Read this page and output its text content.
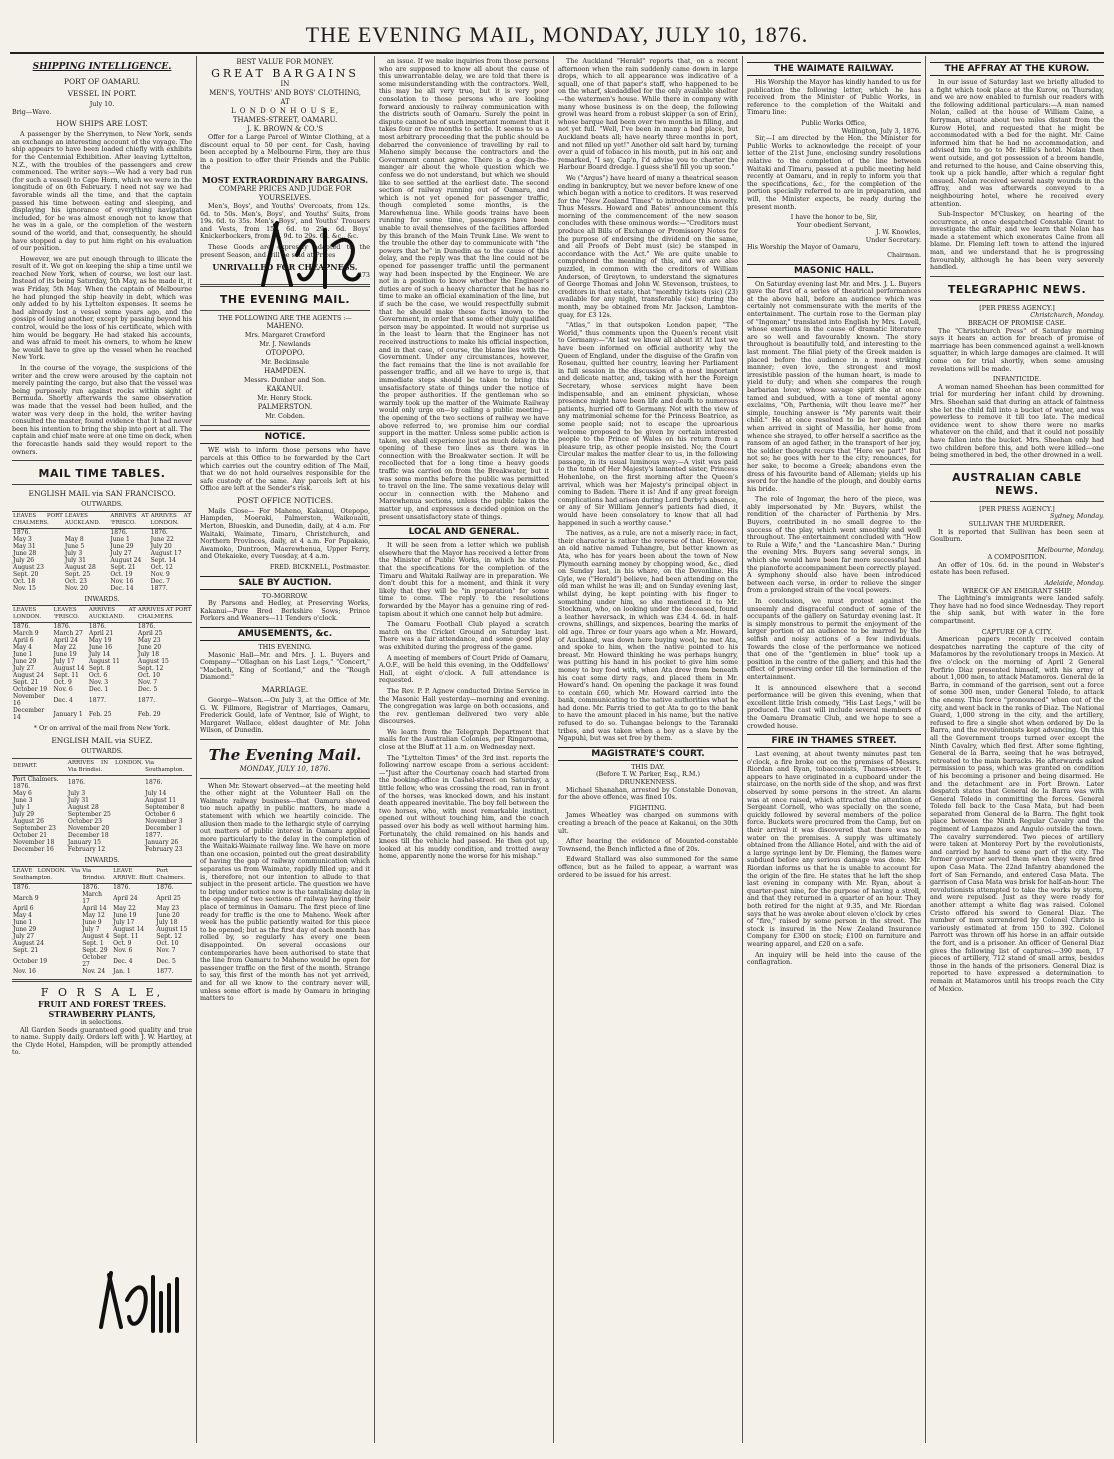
THE EVENING MAIL, MONDAY, JULY 10, 1876.
SHIPPING INTELLIGENCE.
PORT OF OAMARU.
VESSEL IN PORT.
July 10.
Brig—Wave.
HOW SHIPS ARE LOST.

A passenger by the Sherrymen, to New York, sends an exchange an interesting account of the voyage. The ship appears to have been loaded chiefly with exhibits for the Centennial Exhibition. After leaving Lyttelton, N.Z., with the troubles of the passengers and crew commenced. The writer says:—We had a very bad run (for such a vessel) to Cape Horn, which we were in the longitude of on 6th February. I need not say we had favorable winds all the time, and that the captain passed his time between eating and sleeping, and displaying his ignorance of everything navigation included, for he was almost enough not to know that he was in a gale, or the completion of the western sound of the world, and that, consequently, he should have stopped a day to put him right on his evaluation of our position.

However, we are put enough through to illicate the result of it. We got on keeping the ship a time until we reached New York, when of course, we lost our last. Instead of its being Saturday, 5th May, as he made it, it was Friday, 5th May. When the captain of Melbourne he had plunged the ship heavily in debt, which was only added to by his Lyttelton expenses. It seems he had already lost a vessel some years ago, and the gossips of losing another, except by passing beyond his control, would be the loss of his certificate, which with him would be beggary. He had staked his accounts, and was afraid to meet his owners, to whom he knew he would have to give up the vessel when he reached New York.

In the course of the voyage, the suspicions of the writer and the crew were aroused by the captain not merely painting the cargo, but also that the vessel was being purposely run against rocks within sight of Bermuda. Shortly afterwards the same observation was made that the vessel had been hulled, and the water was very deep in the hold, the writer having consulted the master, found evidence that it had never been his intention to bring the ship into port at all. The captain and chief mate were at one time on deck, when the forecastle hands said they would report to the owners.

MAIL TIME TABLES.
ENGLISH MAIL via SAN FRANCISCO.
OUTWARDS.
LEAVES PORT CHALMERS.	LEAVES AUCKLAND.	ARRIVES AT 'FRISCO.	ARRIVES AT LONDON.
1876.		1876.	1876.
May 3	May 8	June 1	June 22
May 31	June 5	June 29	July 20
June 28	July 3	July 27	August 17
July 26	July 31	August 24	Sept. 14
August 23	August 28	Sept. 21	Oct. 12
Sept. 20	Sept. 25	Oct. 19	Nov. 9
Oct. 18	Oct. 23	Nov. 16	Dec. 7
Nov. 15	Nov. 20	Dec. 14	1877.
INWARDS.
LEAVES LONDON.	LEAVES 'FRISCO.	ARRIVES AT AUCKLAND.	ARRIVES AT PORT CHALMERS.
1876.	1876.	1876.	1876.
March 9	March 27	April 21	April 25
April 6	April 24	May 19	May 23
May 4	May 22	June 16	June 20
June 1	June 19	July 14	July 18
June 29	July 17	August 11	August 15
July 27	August 14	Sept. 8	Sept. 12
August 24	Sept. 11	Oct. 6	Oct. 10
Sept. 21	Oct. 9	Nov. 3	Nov. 7
October 19	Nov. 6	Dec. 1	Dec. 5
November 16	Dec. 4	1877.	1877.
December 14	January 1	Feb. 25	Feb. 29
* Or on arrival of the mail from New York.
ENGLISH MAIL via SUEZ.
OUTWARDS.
DEPART.	ARRIVES IN LONDON. Via Brindisi.	Via Southampton.
Port Chalmers. 1876.	1876.	1876.
May 6	July 3	July 14
June 3	July 31	August 11
July 1	August 28	September 8
July 29	September 25	October 6
August 26	October 23	November 3
September 23	November 20	December 1
October 21	December 18	1877.
November 18	January 15	January 26
December 16	February 12	February 23
INWARDS.
LEAVE LONDON. Via Southampton.	Via Brindisi.	LEAVE ARRIVE. Bluff.	Port Chalmers.
1876.	1876.	1876.	1876.
March 9	March 17	April 24	April 25
April 6	April 14	May 22	May 23
May 4	May 12	June 19	June 20
June 1	June 9	July 17	July 18
June 29	July 7	August 14	August 15
July 27	August 4	Sept. 11	Sept. 12
August 24	Sept. 1	Oct. 9	Oct. 10
Sept. 21	Sept. 29	Nov. 6	Nov. 7
October 19	October 27	Dec. 4	Dec. 5
Nov. 16	Nov. 24	Jan. 1	1877.
F O R S A L E,
FRUIT AND FOREST TREES.
STRAWBERRY PLANTS,
in selections.

All Garden Seeds guaranteed good quality and true to name. Supply daily. Orders left with J. W. Hartley, at the Clyde Hotel, Hampden, will be promptly attended to.

BEST VALUE FOR MONEY.
GREAT BARGAINS
IN
MEN'S, YOUTHS' AND BOYS' CLOTHING,
AT
L O N D O N H O U S E,
THAMES-STREET, OAMARU.
J. K. BROWN & CO.'S

Offer for a Large Parcel of Winter Clothing, at a discount equal to 50 per cent. for Cash, having been accepted by a Melbourne Firm, they are thus in a position to offer their Friends and the Public the

MOST EXTRAORDINARY BARGAINS.
COMPARE PRICES AND JUDGE FOR YOURSELVES.

Men's, Boys', and Youths' Overcoats, from 12s. 6d. to 50s. Men's, Boys', and Youths' Suits, from 19s. 6d. to 35s. Men's, Boys', and Youths' Trousers and Vests, from 15s. 6d. to 29s. 6d. Boys' Knickerbockers, from 9s. 9d. to 29s. 6d. &c., &c.

These Goods are expressly adapted to the present Season, and will be sold at Prices

UNRIVALLED FOR CHEAPNESS.
273
THE EVENING MAIL.
THE FOLLOWING ARE THE AGENTS :—
MAHENO.
Mrs. Margaret Crawford
Mr. J. Newlands
OTOPOPO.
Mr. Beckinsale
HAMPDEN.
Messrs. Dunbar and Son.
KAKANUI.
Mr. Henry Stock.
PALMERSTON.
Mr. Cobden.
NOTICE.

WE wish to inform those persons who have parcels at this Office to be forwarded by the Cart which carries out the country edition of The Mail, that we do not hold ourselves responsible for the safe custody of the same. Any parcels left at his Office are left at the Sender's risk.

POST OFFICE NOTICES.

Mails Close— For Maheno, Kakanui, Otepopo, Hampden, Moeraki, Palmerston, Waikouaiti, Merton, Blueskin, and Dunedin, daily, at 4 a.m. For Waitaki, Waimate, Timaru, Christchurch, and Northern Provinces, daily, at 4 a.m. For Papakaio, Awamoko, Duntroon, Maerewhenua, Upper Ferry, and Otekaieke, every Tuesday, at 4 a.m.

FRED. BICKNELL, Postmaster.
SALE BY AUCTION.
TO-MORROW.

By Parsons and Hedley, at Preserving Works, Kakanui—Pure Bred Berkshire Sows; Prince Porkers and Weaners—11 Tenders o'clock.

AMUSEMENTS, &c.
THIS EVENING.

Masonic Hall—Mr. and Mrs. J. L. Buyers and Company—"Ollaghan on his Last Legs," "Concert," "Macbeth, King of Scotland," and the "Rough Diamond."

MARRIAGE.

George—Watson.—On July 3, at the Office of Mr. G. W. Fillmore, Registrar of Marriages, Oamaru, Frederick Gould, late of Ventnor, Isle of Wight, to Margaret Wallace, eldest daughter of Mr. John Wilson, of Dunedin.

The Evening Mail.
MONDAY, JULY 10, 1876.

When Mr. Stewart observed—at the meeting held the other night at the Volunteer Hall on the Waimate railway business—that Oamaru showed too much apathy in public matters, he made a statement with which we heartily coincide. The allusion then made to the lethargic style of carrying out matters of public interest in Oamaru applied more particularly to the delay in the completion of the Waitaki-Waimate railway line. We have on more than one occasion, pointed out the great desirability of having the gap of railway communication which separates us from Waimate, rapidly filled up; and it is, therefore, not our intention to allude to that subject in the present article. The question we have to bring under notice now is the tantalising delay in the opening of two sections of railway having their place of terminus in Oamaru. The first piece of line ready for traffic is the one to Maheno. Week after week has the public patiently waited for this piece to be opened; but as the first day of each month has rolled by, so regularly has every one been disappointed. On several occasions our contemporaries have been authorised to state that the line from Oamaru to Maheno would be open for passenger traffic on the first of the month. Strange to say, this first of the month has not yet arrived, and for all we know to the contrary never will, unless some effort is made by Oamaru in bringing matters to

an issue. If we make inquiries from those persons who are supposed to know all about the cause of this unwarrantable delay, we are told that there is some misunderstanding with the contractors. Well, this may be all very true, but it is very poor consolation to those persons who are looking forward anxiously to railway communication with the districts south of Oamaru. Surely the point in dispute cannot be of such important moment that it takes four or five months to settle. It seems to us a most arbitrary proceeding that the public should be debarred the convenience of travelling by rail to Maheno simply because the contractors and the Government cannot agree. There is a dog-in-the-manger air about the whole question which we confess we do not understand, but which we should like to see settled at the earliest date. The second section of railway running out of Oamaru, and which is not yet opened for passenger traffic, though completed some months, is the Marewhenua line. While goods trains have been running for some time, passengers have been unable to avail themselves of the facilities afforded by this branch of the Main Trunk Line. We went to the trouble the other day to communicate with "the powers that be" in Dunedin as to the cause of this delay, and the reply was that the line could not be opened for passenger traffic until the permanent way had been inspected by the Engineer. We are not in a position to know whether the Engineer's duties are of such a heavy character that he has no time to make an official examination of the line, but if such be the case, we would respectfully submit that he should make these facts known to the Government, in order that some other duly qualified person may be appointed. It would not surprise us in the least to learn that the Engineer has not received instructions to make his official inspection, and in that case, of course, the blame lies with the Government. Under any circumstances, however, the fact remains that the line is not available for passenger traffic, and all we have to urge is, that immediate steps should be taken to bring this unsatisfactory state of things under the notice of the proper authorities. If the gentleman who so warmly took up the matter of the Waimate Railway would only urge on—by calling a public meeting—the opening of the two sections of railway we have above referred to, we promise him our cordial support in the matter. Unless some public action is taken, we shall experience just as much delay in the opening of these two lines as there was in connection with the Breakwater section. It will be recollected that for a long time a heavy goods traffic was carried on from the Breakwater, but it was some months before the public was permitted to travel on the line. The same vexatious delay will occur in connection with the Maheno and Marewhenua sections, unless the public takes the matter up, and expresses a decided opinion on the present unsatisfactory state of things.

LOCAL AND GENERAL.

It will be seen from a letter which we publish elsewhere that the Mayor has received a letter from the Minister of Public Works, in which he states that the specifications for the completion of the Timaru and Waitaki Railway are in preparation. We don't doubt this for a moment, and think it very likely that they will be "in preparation" for some time to come. The reply to the resolutions forwarded by the Mayor has a genuine ring of red-tapism about it which one cannot help but admire.

The Oamaru Football Club played a scratch match on the Cricket Ground on Saturday last. There was a fair attendance, and some good play was exhibited during the progress of the game.

A meeting of members of Court Pride of Oamaru, A.O.F., will be held this evening, in the Oddfellows' Hall, at eight o'clock. A full attendance is requested.

The Rev. P. P. Agnew conducted Divine Service in the Masonic Hall yesterday—morning and evening. The congregation was large on both occasions, and the rev. gentleman delivered two very able discourses.

We learn from the Telegraph Department that mails for the Australian Colonies, per Ringarooma, close at the Bluff at 11 a.m. on Wednesday next.

The "Lyttelton Times" of the 3rd inst. reports the following narrow escape from a serious accident:—"Just after the Courtenay coach had started from the booking-office in Cashel-street on Saturday, a little fellow, who was crossing the road, ran in front of the horses, was knocked down, and his instant death appeared inevitable. The boy fell between the two horses, who, with most remarkable instinct, opened out without touching him, and the coach passed over his body as well without harming him. Fortunately, the child remained on his hands and knees till the vehicle had passed. He then got up, looked at his muddy condition, and trotted away home, apparently none the worse for his mishap."

The Auckland "Herald" reports that, on a recent afternoon when the rain suddenly came down in large drops, which to all appearance was indicative of a squall, one of that paper's staff, who happened to be on the wharf, skedaddled for the only available shelter—the watermen's house. While there in company with many whose business is on the deep, the following growl was heard from a robust skipper (a son of Erin), whose barque had been over two months in filling, and not yet full. "Well, I've been in many a bad place, but Auckland beats all; have nearly three months in port, and not filled up yet!" Another old salt hard by, turning over a quid of tobacco in his mouth, put in his oar, and remarked, "I say, Cap'n, I'd advise you to charter the Harbour Board dredge. I guess she'll fill you up soon."

We ("Argus") have heard of many a theatrical season ending in bankruptcy, but we never before knew of one which began with a notice to creditors. It was reserved for the "New Zealand Times" to introduce this novelty. Thus Messrs. Howard and Bates' announcement this morning of the commencement of the new season concludes with these ominous words:—"Creditors must produce all Bills of Exchange or Promissory Notes for the purpose of endorsing the dividend on the same, and all Proofs of Debt must (sic) be stamped in accordance with the Act." We are quite unable to comprehend the meaning of this, and we are also puzzled, in common with the creditors of William Anderson, of Greytown, to understand the signatures of George Thomas and John W. Stevenson, trustees, to creditors in that estate, that "monthly tickets (sic) (23) available for any night, transferable (sic) during the month, may be obtained from Mr. Jackson, Lambton-quay, for £3 12s.

"Atlas," in that outspoken London paper, "The World," thus comments upon the Queen's recent visit to Germany:—"At last we know all about it! At last we have been informed on official authority why the Queen of England, under the disguise of the Grafin von Rosenau, quitted her country, leaving her Parliament in full session in the discussion of a most important and delicate matter, and, taking with her the Foreign Secretary, whose services might have been indispensable, and an eminent physician, whose presence might have been life and death to numerous patients, hurried off to Germany. Not with the view of any matrimonial scheme for the Princess Beatrice, as some people said; not to escape the uproarious welcome proposed to be given by certain interested people to the Prince of Wales on his return from a pleasure trip, as other people insisted. No; the Court Circular makes the matter clear to us, in the following passage, in its usual luminous way:—A visit was paid to the tomb of Her Majesty's lamented sister, Princess Hohenlohe, on the first morning after the Queen's arrival, which was her Majesty's principal object in coming to Baden. There it is! And if any great foreign complications had arisen during Lord Derby's absence, or any of Sir William Jenner's patients had died, it would have been consolatory to know that all had happened in such a worthy cause."

The natives, as a rule, are not a miserly race; in fact, their character is rather the reverse of that. However, an old native named Tuhangre, but better known as Ata, who has for years been about the town of New Plymouth earning money by chopping wood, &c., died on Sunday last, in his whare, on the Devonline. His Gyle, we ("Herald") believe, had been attending on the old man whilst he was ill; and on Sunday evening last, whilst dying, he kept pointing with his finger to something under him, so she mentioned it to Mr. Stockman, who, on looking under the deceased, found a leather haversack, in which was £34 4. 6d. in half-crowns, shillings, and sixpences, bearing the marks of old age. Three or four years ago when a Mr. Howard, of Auckland, was down here buying wool, he met Ata, and spoke to him, when the native pointed to his breast. Mr. Howard thinking he was perhaps hungry, was putting his hand in his pocket to give him some money to buy food with, when Ata drew from beneath his coat some dirty rags, and placed them in Mr. Howard's hand. On opening the package it was found to contain £60, which Mr. Howard carried into the bank, communicating to the native authorities what he had done. Mr. Parris tried to get Ata to go to the bank to have the amount placed in his name, but the native refused to do so. Tuhangae belongs to the Taranaki tribes, and was taken when a boy as a slave by the Ngapuhi, but was set free by them.

MAGISTRATE'S COURT.
THIS DAY.
(Before T. W. Parker, Esq., R.M.)
DRUNKENNESS.

Michael Shanahan, arrested by Constable Donovan, for the above offence, was fined 10s.

FIGHTING.

James Wheatley was charged on summons with creating a breach of the peace at Kakanui, on the 30th ult.

After hearing the evidence of Mounted-constable Townsend, the Bench inflicted a fine of 20s.

Edward Stallard was also summoned for the same offence, but as he failed to appear, a warrant was ordered to be issued for his arrest.

THE WAIMATE RAILWAY.

His Worship the Mayor has kindly handed to us for publication the following letter, which he has received from the Minister of Public Works, in reference to the completion of the Waitaki and Timaru line:

Public Works Office,
Wellington, July 3, 1876.

Sir,—I am directed by the Hon. the Minister for Public Works to acknowledge the receipt of your letter of the 21st June, enclosing sundry resolutions relative to the completion of the line between Waitaki and Timaru, passed at a public meeting held recently at Oamaru, and in reply to inform you that the specifications, &c., for the completion of the portion specially referred to are in preparation, and will, the Minister expects, be ready during the present month.

I have the honor to be, Sir,
Your obedient Servant,
J. W. Knowles,
Under Secretary.
His Worship the Mayor of Oamaru,
Chairman.
MASONIC HALL.

On Saturday evening last Mr. and Mrs. J. L. Buyers gave the first of a series of theatrical performances at the above hall, before an audience which was certainly not commensurate with the merits of the entertainment. The curtain rose to the German play of "Ingomar," translated into English by Mrs. Lovell, whose exertions in the cause of dramatic literature are so well and favourably known. The story throughout is beautifully told, and interesting to the last moment. The filial piety of the Greek maiden is placed before the audience in a most striking manner; even love, the strongest and most irresistible passion of the human heart, is made to yield to duty; and when she compares the rough barbarian lover, whose savage spirit she at once tamed and subdued, with a tone of mental agony exclaims, "Oh, Parthenia, wilt thou leave me?" her simple, touching answer is "My parents wait their child." He at once resolved to be her guide, and when arrived in sight of Massilia, her home from whence she strayed, to offer herself a sacrifice as the ransom of an aged father, in the transport of her joy, the soldier thought recurs that "Here we part!" But not so; he goes with her to the city; renounces, for her sake, to become a Greek; abandons even the dress of his favourite band of Alleman; yields up his sword for the handle of the plough, and doubly earns his bride.

The role of Ingomar, the hero of the piece, was ably impersonated by Mr. Buyers, whilst the rendition of the character of Parthenia by Mrs. Buyers, contributed in no small degree to the success of the play, which went smoothly and well throughout. The entertainment concluded with "How to Rule a Wife," and the "Lancashire Man." During the evening Mrs. Buyers sang several songs, in which she would have been far more successful had the pianoforte accompaniment been correctly played. A symphony should also have been introduced between each verse, in order to relieve the singer from a prolonged strain of the vocal powers.

In conclusion, we must protest against the unseemly and disgraceful conduct of some of the occupants of the gallery on Saturday evening last. It is simply monstrous to permit the enjoyment of the larger portion of an audience to be marred by the selfish and noisy actions of a few individuals. Towards the close of the performance we noticed that one of the "gentlemen in blue" took up a position in the centre of the gallery, and this had the effect of preserving order till the termination of the entertainment.

It is announced elsewhere that a second performance will be given this evening, when that excellent little Irish comedy, "His Last Legs," will be produced. The cast will include several members of the Oamaru Dramatic Club, and we hope to see a crowded house.

FIRE IN THAMES STREET.

Last evening, at about twenty minutes past ten o'clock, a fire broke out on the premises of Messrs. Riordan and Ryan, tobacconists, Thames-street. It appears to have originated in a cupboard under the staircase, on the north side of the shop, and was first observed by some persons in the street. An alarm was at once raised, which attracted the attention of Sergeant Cornell, who was specially on the scene, quickly followed by several members of the police force. Buckets were procured from the Camp, but on their arrival it was discovered that there was no water on the premises. A supply was ultimately obtained from the Alliance Hotel, and with the aid of a large syringe lent by Dr. Fleming, the flames were subdued before any serious damage was done. Mr. Riordan informs us that he is unable to account for the origin of the fire. He states that he left the shop last evening in company with Mr. Ryan, about a quarter-past nine, for the purpose of having a stroll, and that they returned in a quarter of an hour. They both retired for the night at 9.35, and Mr. Riordan says that he was awoke about eleven o'clock by cries of "fire," raised by some person in the street. The stock is insured in the New Zealand Insurance Company for £300 on stock; £100 on furniture and wearing apparel, and £20 on a safe.

An inquiry will be held into the cause of the conflagration.

THE AFFRAY AT THE KUROW.

In our issue of Saturday last we briefly alluded to a fight which took place at the Kurow, on Thursday, and we are now enabled to furnish our readers with the following additional particulars:—A man named Nolan, called at the house of William Caine, a ferryman, situate about two miles distant from the Kurow Hotel, and requested that he might be accommodated with a bed for the night. Mr. Caine informed him that he had no accommodation, and advised him to go to Mr. Hille's hotel. Nolan then went outside, and got possession of a broom handle, and returned to the house, and Caine observing this, took up a pick handle, after which a regular fight ensued. Nolan received several nasty wounds in the affray, and was afterwards conveyed to a neighbouring hotel, where he received every attention.

Sub-Inspector M'Cluskey, on hearing of the occurrence, at once despatched Constable Grant to investigate the affair, and we learn that Nolan has made a statement which exonerates Caine from all blame. Dr. Fleming left town to attend the injured man, and we understand that he is progressing favourably, although he has been very severely handled.

TELEGRAPHIC NEWS.
[PER PRESS AGENCY.]
Christchurch, Monday.
BREACH OF PROMISE CASE.

The "Christchurch Press" of Saturday morning says it hears an action for breach of promise of marriage has been commenced against a well-known squatter, in which large damages are claimed. It will come on for trial shortly, when some amusing revelations will be made.

INFANTICIDE.

A woman named Sheehan has been committed for trial for murdering her infant child by drowning. Mrs. Sheehan said that during an attack of faintness she let the child fall into a bucket of water, and was powerless to remove it till too late. The medical evidence went to show there were no marks whatever on the child, and that it could not possibly have fallen into the bucket. Mrs. Sheehan only had two children before this, and both were killed—one being smothered in bed, the other drowned in a well.

AUSTRALIAN CABLE NEWS.
[PER PRESS AGENCY.]
Sydney, Monday.
SULLIVAN THE MURDERER.

It is reported that Sullivan has been seen at Goulburn.

Melbourne, Monday.
A COMPOSITION.

An offer of 10s. 6d. in the pound in Webster's estate has been refused.

Adelaide, Monday.
WRECK OF AN EMIGRANT SHIP.

The Lightning's immigrants were landed safely. They have had no food since Wednesday. They report the ship sank, but with water in the fore compartment.

CAPTURE OF A CITY.

American papers recently received contain despatches narrating the capture of the city of Matamoros by the revolutionary troops in Mexico. At five o'clock on the morning of April 2 General Porfirio Diaz presented himself, with his army of about 1,000 men, to attack Matamoros. General de la Barra, in command of the garrison, sent out a force of some 300 men, under General Toledo, to attack the enemy. This force "pronounced" when out of the city, and went back in the ranks of Diaz. The National Guard, 1,000 strong in the city, and the artillery, refused to fire a single shot when ordered by De la Barra, and the revolutionists kept advancing. On this all the Government troops turned over except the Ninth Cavalry, which fled first. After some fighting, General de la Barra, seeing that he was betrayed, retreated to the main barracks. He afterwards asked permission to pass, which was granted on condition of his becoming a prisoner and being disarmed. He and the detachment are in Fort Brown. Later despatch states that General de la Barra was with General Toledo in committing the forces. General Toledo fell back to the Casa Mata, but had been separated from General de la Barra. The fight took place between the Ninth Regular Cavalry and the regiment of Lampazos and Angulo outside the town. The cavalry surrendered. Two pieces of artillery were taken at Monterey Port by the revolutionists, and carried by hand to some part of the city. The former governor served them when they were fired upon Casa Mata. The 22nd Infantry abandoned the fort of San Fernando, and entered Casa Mata. The garrison of Casa Mata was brisk for half-an-hour. The revolutionists attempted to take the works by storm, and were repulsed. Just as they were ready for another attempt a white flag was raised. Colonel Cristo offered his sword to General Diaz. The number of men surrendered by Colonel Christo is variously estimated at from 150 to 392. Colonel Parrott was thrown off his horse in an affair outside the fort, and is a prisoner. An officer of General Diaz gives the following list of captures:—390 men, 17 pieces of artillery, 712 stand of small arms, besides those in the hands of the prisoners. General Diaz is reported to have expressed a determination to remain at Matamoros until his troops reach the City of Mexico.
